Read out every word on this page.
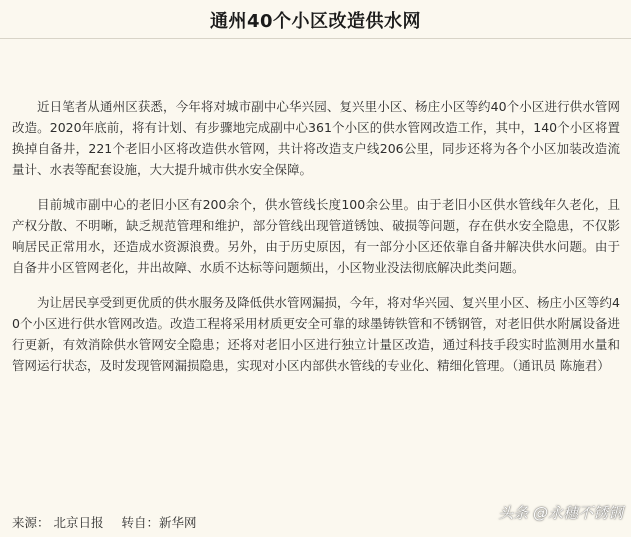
通州40个小区改造供水网

近日笔者从通州区获悉，今年将对城市副中心华兴园、复兴里小区、杨庄小区等约40个小区进行供水管网改造。2020年底前，将有计划、有步骤地完成副中心361个小区的供水管网改造工作，其中，140个小区将置换掉自备井，221个老旧小区将改造供水管网，共计将改造支户线206公里，同步还将为各个小区加装改造流量计、水表等配套设施，大大提升城市供水安全保障。

目前城市副中心的老旧小区有200余个，供水管线长度100余公里。由于老旧小区供水管线年久老化，且产权分散、不明晰，缺乏规范管理和维护，部分管线出现管道锈蚀、破损等问题，存在供水安全隐患，不仅影响居民正常用水，还造成水资源浪费。另外，由于历史原因，有一部分小区还依靠自备井解决供水问题。由于自备井小区管网老化，井出故障、水质不达标等问题频出，小区物业没法彻底解决此类问题。

为让居民享受到更优质的供水服务及降低供水管网漏损，今年，将对华兴园、复兴里小区、杨庄小区等约40个小区进行供水管网改造。改造工程将采用材质更安全可靠的球墨铸铁管和不锈钢管，对老旧供水附属设备进行更新，有效消除供水管网安全隐患；还将对老旧小区进行独立计量区改造，通过科技手段实时监测用水量和管网运行状态，及时发现管网漏损隐患，实现对小区内部供水管线的专业化、精细化管理。（通讯员 陈施君）

来源： 北京日报 转自：新华网
头条 @永穗不锈钢
